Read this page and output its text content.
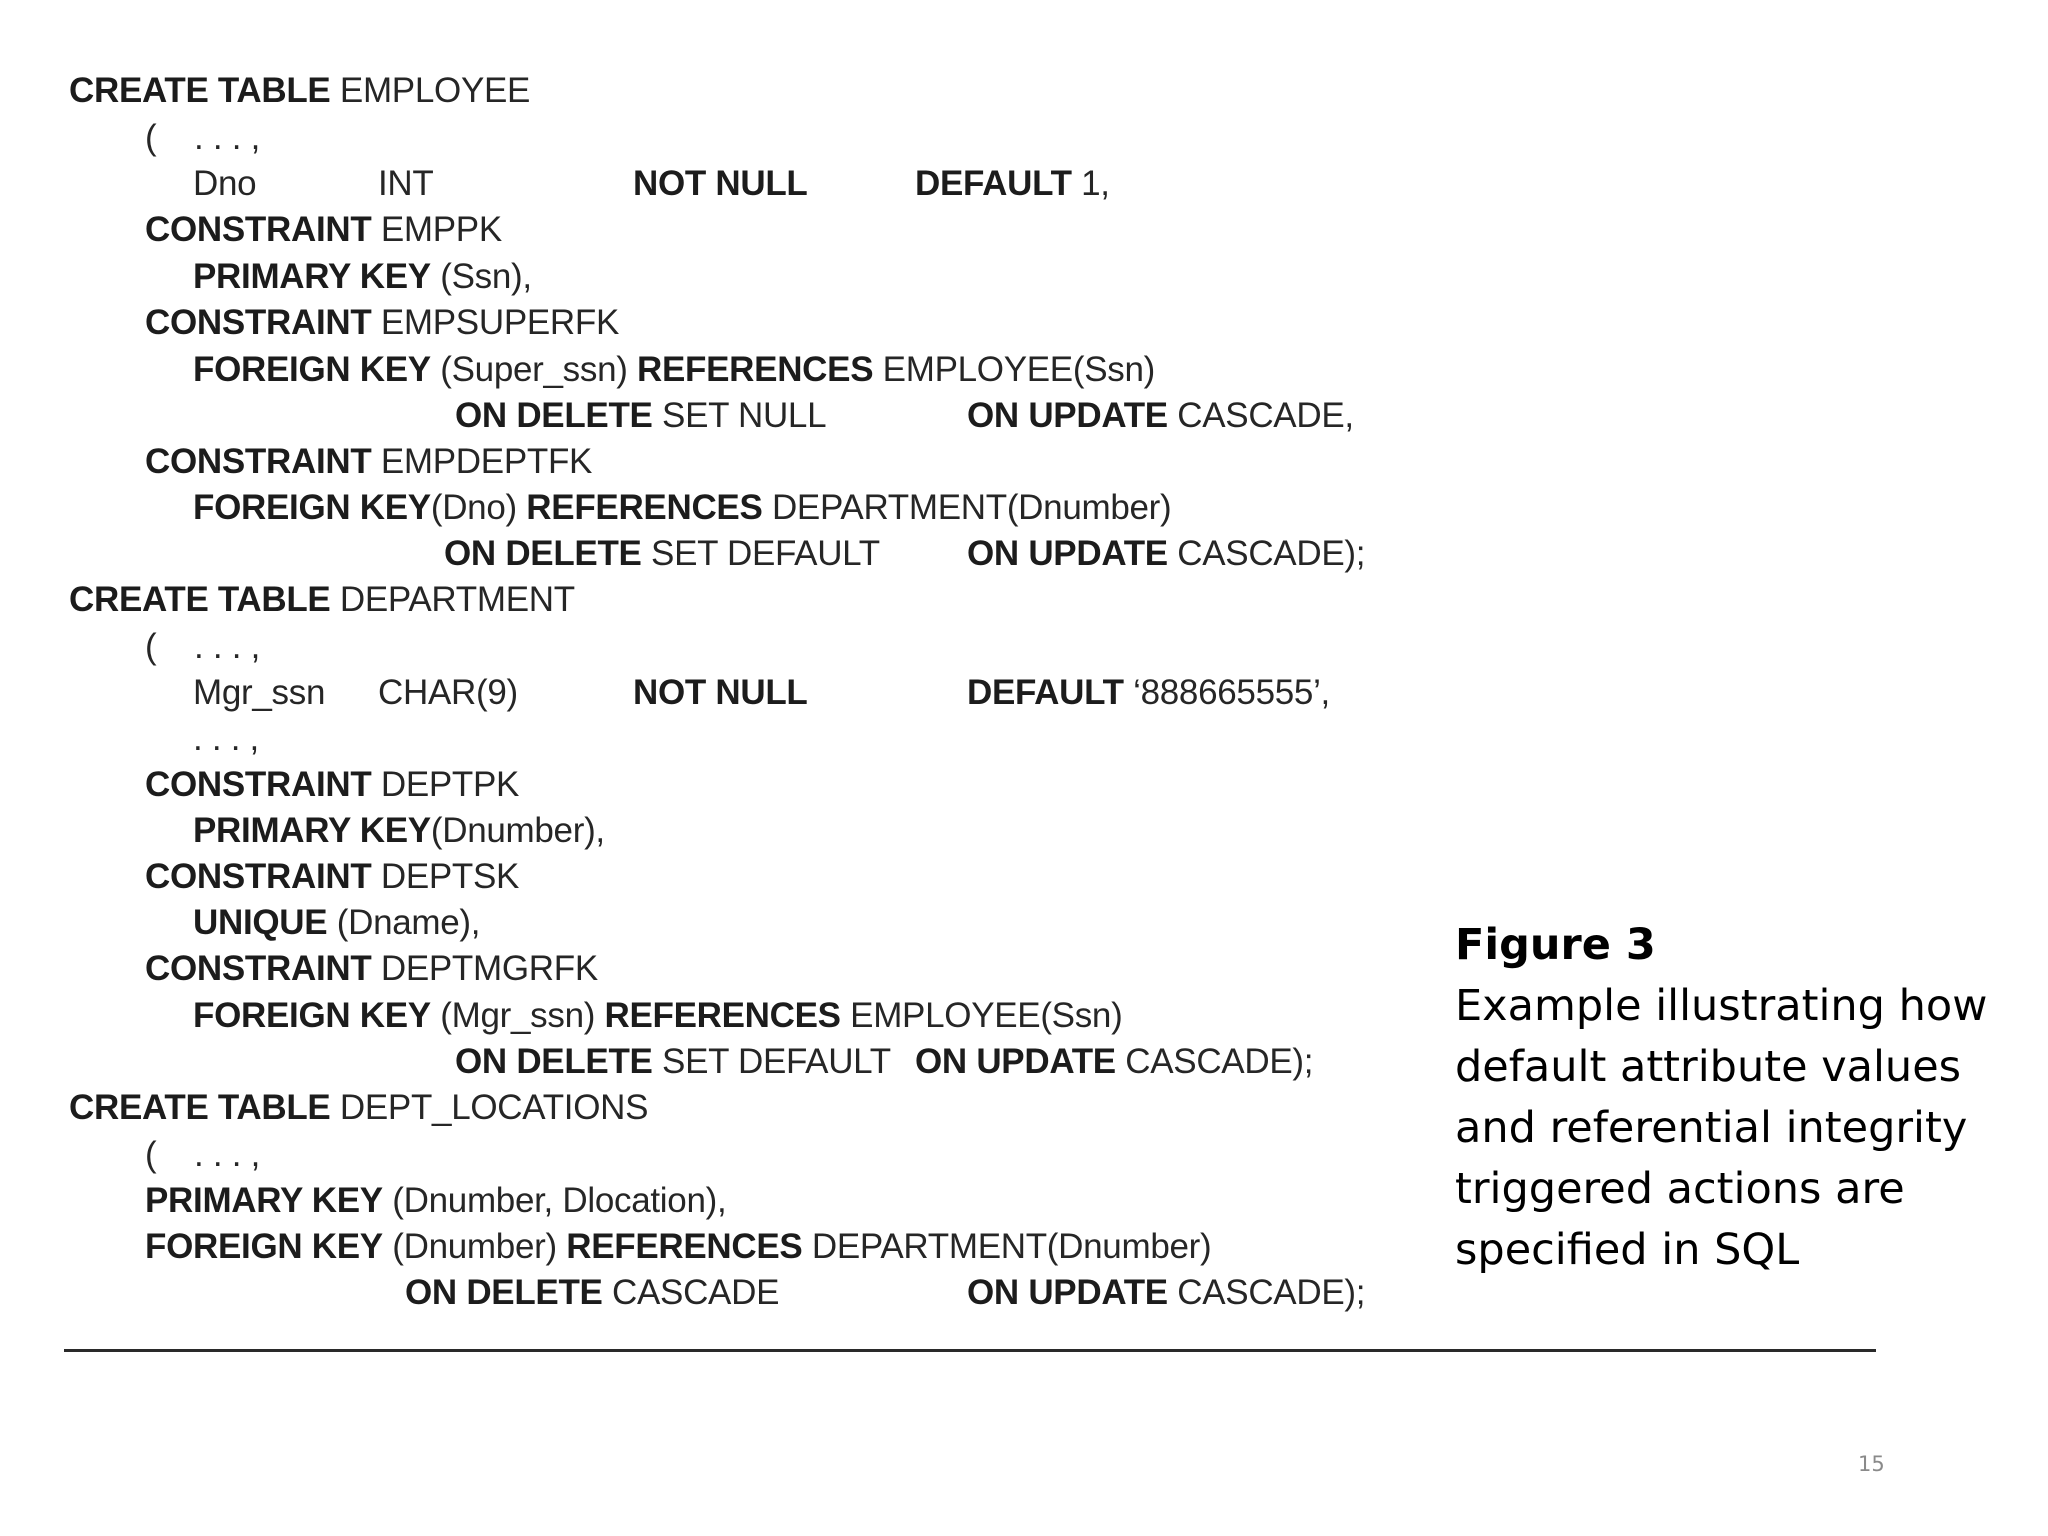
CREATE TABLE EMPLOYEE
(    . . . ,
Dno	INT	NOT NULL	DEFAULT 1,
CONSTRAINT EMPPK
PRIMARY KEY (Ssn),
CONSTRAINT EMPSUPERFK
FOREIGN KEY (Super_ssn) REFERENCES EMPLOYEE(Ssn)
ON DELETE SET NULL	ON UPDATE CASCADE,
CONSTRAINT EMPDEPTFK
FOREIGN KEY(Dno) REFERENCES DEPARTMENT(Dnumber)
ON DELETE SET DEFAULT ON UPDATE CASCADE);
CREATE TABLE DEPARTMENT
(    . . . ,
Mgr_ssn CHAR(9)	NOT NULL	DEFAULT ‘888665555’,
. . . ,
CONSTRAINT DEPTPK
PRIMARY KEY(Dnumber),
CONSTRAINT DEPTSK
UNIQUE (Dname),
CONSTRAINT DEPTMGRFK
FOREIGN KEY (Mgr_ssn) REFERENCES EMPLOYEE(Ssn)
ON DELETE SET DEFAULT ON UPDATE CASCADE);
CREATE TABLE DEPT_LOCATIONS
(    . . . ,
PRIMARY KEY (Dnumber, Dlocation),
FOREIGN KEY (Dnumber) REFERENCES DEPARTMENT(Dnumber)
ON DELETE CASCADE	ON UPDATE CASCADE);
Figure 3
Example illustrating how default attribute values and referential integrity triggered actions are specified in SQL
15
